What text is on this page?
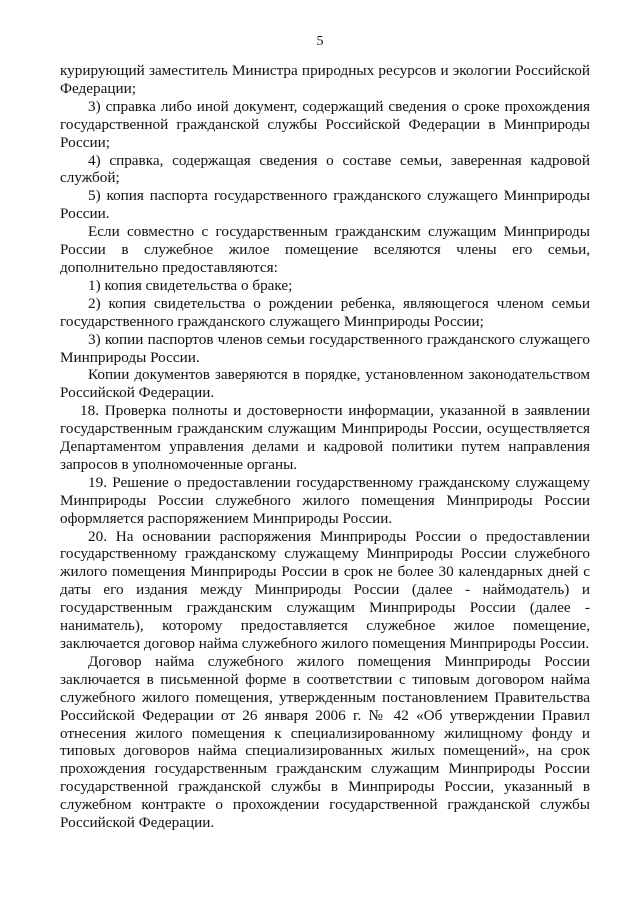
5

курирующий заместитель Министра природных ресурсов и экологии Российской Федерации;

3) справка либо иной документ, содержащий сведения о сроке прохождения государственной гражданской службы Российской Федерации в Минприроды России;

4) справка, содержащая сведения о составе семьи, заверенная кадровой службой;

5) копия паспорта государственного гражданского служащего Минприроды России.

Если совместно с государственным гражданским служащим Минприроды России в служебное жилое помещение вселяются члены его семьи, дополнительно предоставляются:

1) копия свидетельства о браке;

2) копия свидетельства о рождении ребенка, являющегося членом семьи государственного гражданского служащего Минприроды России;

3) копии паспортов членов семьи государственного гражданского служащего Минприроды России.

Копии документов заверяются в порядке, установленном законодательством Российской Федерации.

18. Проверка полноты и достоверности информации, указанной в заявлении государственным гражданским служащим Минприроды России, осуществляется Департаментом управления делами и кадровой политики путем направления запросов в уполномоченные органы.

19. Решение о предоставлении государственному гражданскому служащему Минприроды России служебного жилого помещения Минприроды России оформляется распоряжением Минприроды России.

20. На основании распоряжения Минприроды России о предоставлении государственному гражданскому служащему Минприроды России служебного жилого помещения Минприроды России в срок не более 30 календарных дней с даты его издания между Минприроды России (далее - наймодатель) и государственным гражданским служащим Минприроды России (далее - наниматель), которому предоставляется служебное жилое помещение, заключается договор найма служебного жилого помещения Минприроды России.

Договор найма служебного жилого помещения Минприроды России заключается в письменной форме в соответствии с типовым договором найма служебного жилого помещения, утвержденным постановлением Правительства Российской Федерации от 26 января 2006 г. № 42 «Об утверждении Правил отнесения жилого помещения к специализированному жилищному фонду и типовых договоров найма специализированных жилых помещений», на срок прохождения государственным гражданским служащим Минприроды России государственной гражданской службы в Минприроды России, указанный в служебном контракте о прохождении государственной гражданской службы Российской Федерации.
